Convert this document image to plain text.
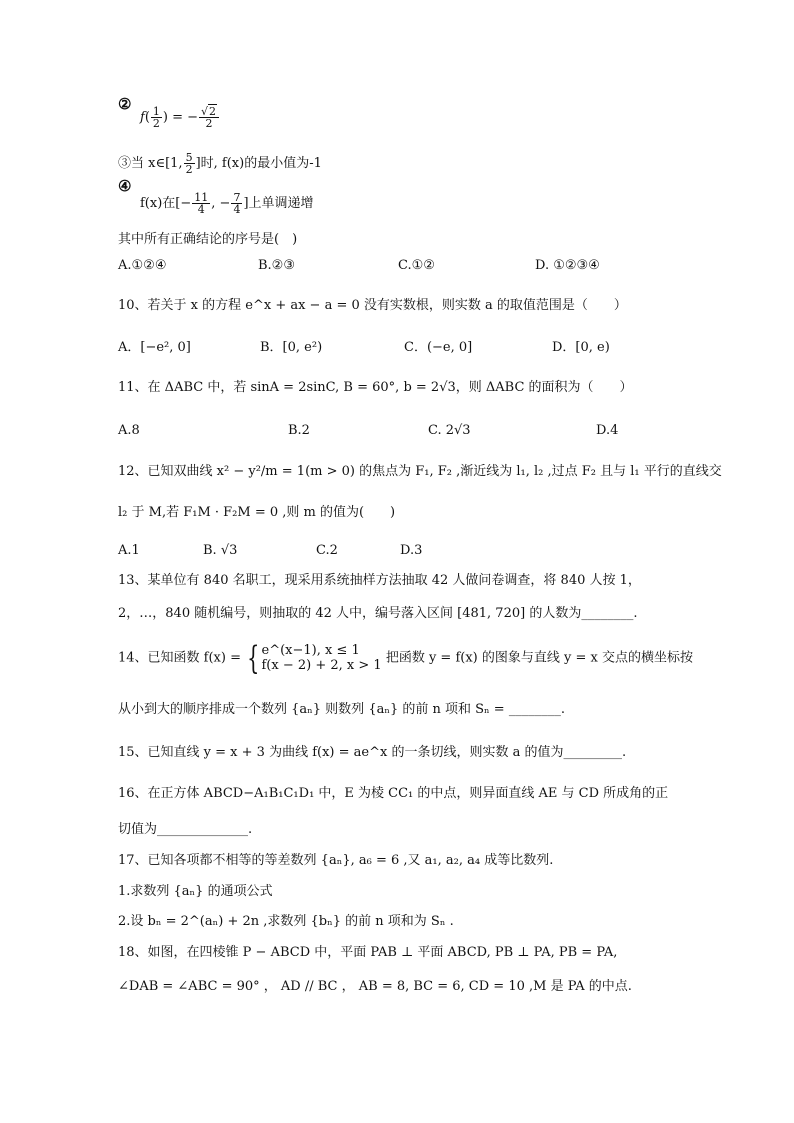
②
$f( \frac{1}{2}$ ) = − $\frac{√2}{2}$
③当 x∈[1, $\frac{5}{2}$ ]时, f(x)的最小值为-1
④
f(x)在[− $\frac{11}{4}$ , − $\frac{7}{4}$ ]上单调递增
其中所有正确结论的序号是(　)
A.①②④	B.②③	C.①②	D. ①②③④
10、若关于 x 的方程 e^x + ax − a = 0 没有实数根，则实数 a 的取值范围是（　　）
A．[−e², 0]	B．[0, e²)	C．(−e, 0]	D．[0, e)
11、在 ΔABC 中，若 sinA = 2sinC, B = 60°, b = 2√3，则 ΔABC 的面积为（　　）
A.8	B.2	C. 2√3	D.4
12、已知双曲线 x² − y²/m = 1(m > 0) 的焦点为 F₁, F₂ ,渐近线为 l₁, l₂ ,过点 F₂ 且与 l₁ 平行的直线交
l₂ 于 M,若 F₁M · F₂M = 0 ,则 m 的值为(　　)
A.1	B. √3	C.2	D.3
13、某单位有 840 名职工，现采用系统抽样方法抽取 42 人做问卷调查，将 840 人按 1，
2，…，840 随机编号，则抽取的 42 人中，编号落入区间 [481, 720] 的人数为________.
14、已知函数 f(x) = { e^(x−1), x ≤ 1
f(x − 2) + 2, x > 1 把函数 y = f(x) 的图象与直线 y = x 交点的横坐标按
从小到大的顺序排成一个数列 {aₙ} 则数列 {aₙ} 的前 n 项和 Sₙ = ________.
15、已知直线 y = x + 3 为曲线 f(x) = ae^x 的一条切线，则实数 a 的值为_________.
16、在正方体 ABCD−A₁B₁C₁D₁ 中，E 为棱 CC₁ 的中点，则异面直线 AE 与 CD 所成角的正
切值为______________.
17、已知各项都不相等的等差数列 {aₙ}, a₆ = 6 ,又 a₁, a₂, a₄ 成等比数列.
1.求数列 {aₙ} 的通项公式
2.设 bₙ = 2^(aₙ) + 2n ,求数列 {bₙ} 的前 n 项和为 Sₙ .
18、如图，在四棱锥 P − ABCD 中，平面 PAB ⊥ 平面 ABCD, PB ⊥ PA, PB = PA,
∠DAB = ∠ABC = 90° ， AD // BC ， AB = 8, BC = 6, CD = 10 ,M 是 PA 的中点.
